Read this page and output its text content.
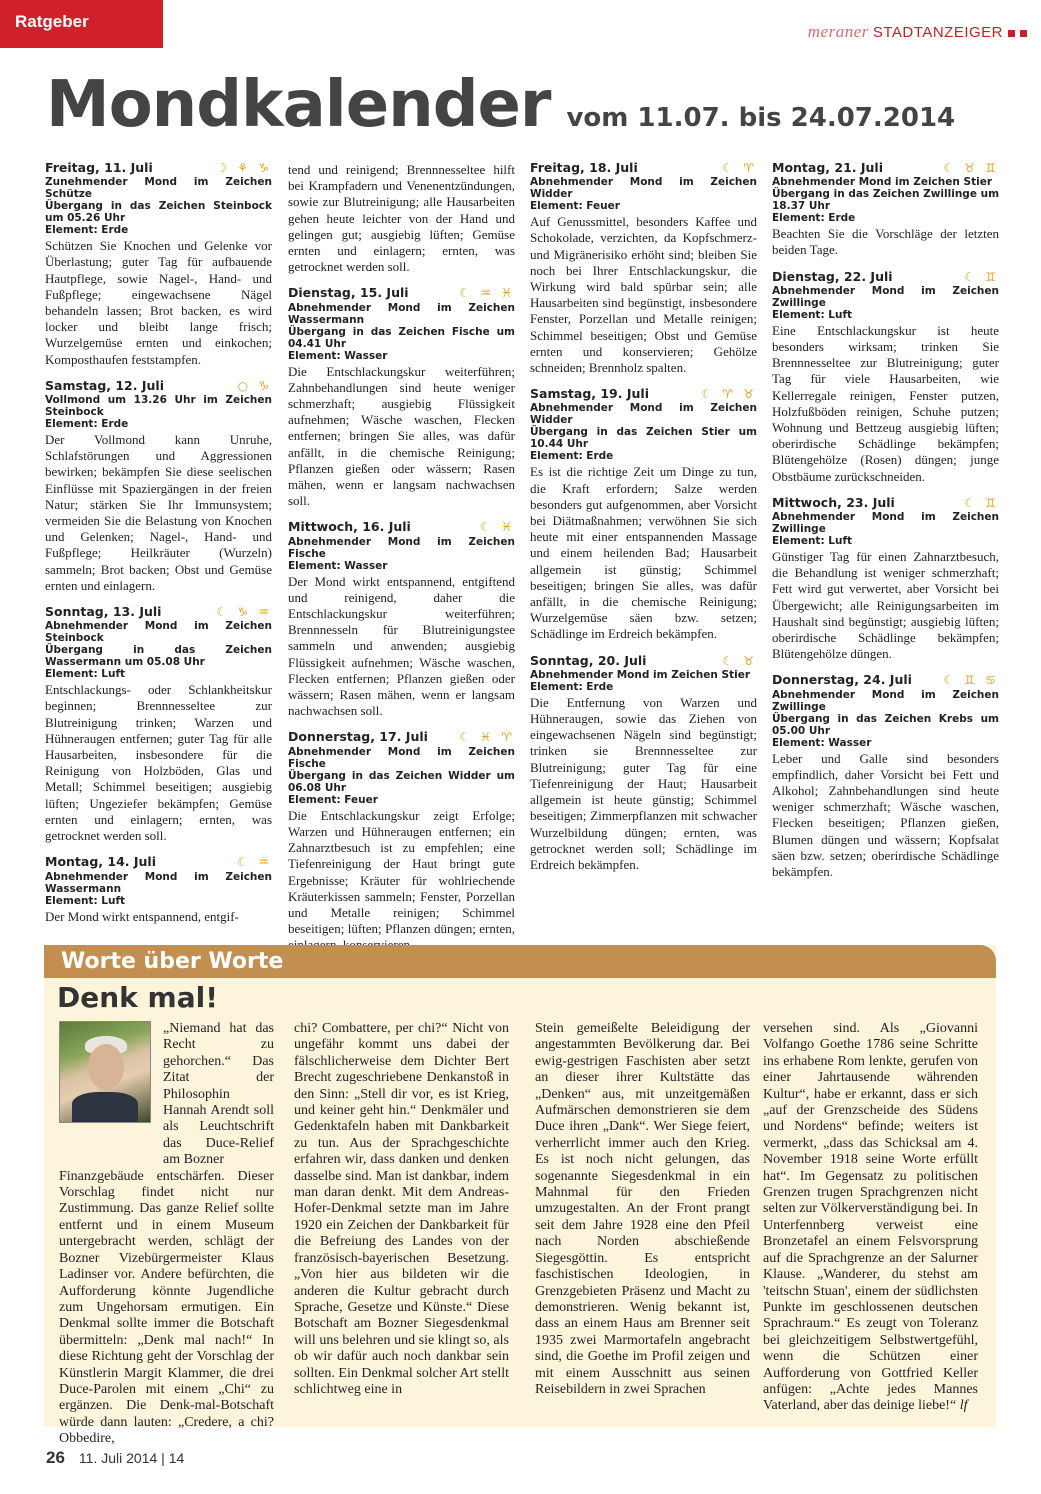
Ratgeber
meraner STADTANZEIGER
Mondkalender vom 11.07. bis 24.07.2014
Freitag, 11. Juli	☽ ⚘ ♑
Zunehmender Mond im Zeichen Schütze
Übergang in das Zeichen Steinbock um 05.26 Uhr
Element: Erde
Schützen Sie Knochen und Gelenke vor Überlastung; guter Tag für aufbauende Hautpflege, sowie Nagel-, Hand- und Fußpflege; eingewachsene Nägel behandeln lassen; Brot backen, es wird locker und bleibt lange frisch; Wurzelgemüse ernten und einkochen; Komposthaufen feststampfen.
Samstag, 12. Juli	○ ♑
Vollmond um 13.26 Uhr im Zeichen Steinbock
Element: Erde
Der Vollmond kann Unruhe, Schlafstörungen und Aggressionen bewirken; bekämpfen Sie diese seelischen Einflüsse mit Spaziergängen in der freien Natur; stärken Sie Ihr Immunsystem; vermeiden Sie die Belastung von Knochen und Gelenken; Nagel-, Hand- und Fußpflege; Heilkräuter (Wurzeln) sammeln; Brot backen; Obst und Gemüse ernten und einlagern.
Sonntag, 13. Juli	☾ ♑ ♒
Abnehmender Mond im Zeichen Steinbock
Übergang in das Zeichen Wassermann um 05.08 Uhr
Element: Luft
Entschlackungs- oder Schlankheitskur beginnen; Brennnesseltee zur Blutreinigung trinken; Warzen und Hühneraugen entfernen; guter Tag für alle Hausarbeiten, insbesondere für die Reinigung von Holzböden, Glas und Metall; Schimmel beseitigen; ausgiebig lüften; Ungeziefer bekämpfen; Gemüse ernten und einlagern; ernten, was getrocknet werden soll.
Montag, 14. Juli	☾ ♒
Abnehmender Mond im Zeichen Wassermann
Element: Luft
Der Mond wirkt entspannend, entgif-
tend und reinigend; Brennnesseltee hilft bei Krampfadern und Venenentzündungen, sowie zur Blutreinigung; alle Hausarbeiten gehen heute leichter von der Hand und gelingen gut; ausgiebig lüften; Gemüse ernten und einlagern; ernten, was getrocknet werden soll.
Dienstag, 15. Juli	☾ ♒ ♓
Abnehmender Mond im Zeichen Wassermann
Übergang in das Zeichen Fische um 04.41 Uhr
Element: Wasser
Die Entschlackungskur weiterführen; Zahnbehandlungen sind heute weniger schmerzhaft; ausgiebig Flüssigkeit aufnehmen; Wäsche waschen, Flecken entfernen; bringen Sie alles, was dafür anfällt, in die chemische Reinigung; Pflanzen gießen oder wässern; Rasen mähen, wenn er langsam nachwachsen soll.
Mittwoch, 16. Juli	☾ ♓
Abnehmender Mond im Zeichen Fische
Element: Wasser
Der Mond wirkt entspannend, entgiftend und reinigend, daher die Entschlackungskur weiterführen; Brennnesseln für Blutreinigungstee sammeln und anwenden; ausgiebig Flüssigkeit aufnehmen; Wäsche waschen, Flecken entfernen; Pflanzen gießen oder wässern; Rasen mähen, wenn er langsam nachwachsen soll.
Donnerstag, 17. Juli	☾ ♓ ♈
Abnehmender Mond im Zeichen Fische
Übergang in das Zeichen Widder um 06.08 Uhr
Element: Feuer
Die Entschlackungskur zeigt Erfolge; Warzen und Hühneraugen entfernen; ein Zahnarztbesuch ist zu empfehlen; eine Tiefenreinigung der Haut bringt gute Ergebnisse; Kräuter für wohlriechende Kräuterkissen sammeln; Fenster, Porzellan und Metalle reinigen; Schimmel beseitigen; lüften; Pflanzen düngen; ernten,
Freitag, 18. Juli	☾ ♈
Abnehmender Mond im Zeichen Widder
Element: Feuer
Auf Genussmittel, besonders Kaffee und Schokolade, verzichten, da Kopfschmerz- und Migränerisiko erhöht sind; bleiben Sie noch bei Ihrer Entschlackungskur, die Wirkung wird bald spürbar sein; alle Hausarbeiten sind begünstigt, insbesondere Fenster, Porzellan und Metalle reinigen; Schimmel beseitigen; Obst und Gemüse ernten und konservieren; Gehölze schneiden; Brennholz spalten.
Samstag, 19. Juli	☾ ♈ ♉
Abnehmender Mond im Zeichen Widder
Übergang in das Zeichen Stier um 10.44 Uhr
Element: Erde
Es ist die richtige Zeit um Dinge zu tun, die Kraft erfordern; Salze werden besonders gut aufgenommen, aber Vorsicht bei Diätmaßnahmen; verwöhnen Sie sich heute mit einer entspannenden Massage und einem heilenden Bad; Hausarbeit allgemein ist günstig; Schimmel beseitigen; bringen Sie alles, was dafür anfällt, in die chemische Reinigung; Wurzelgemüse säen bzw. setzen; Schädlinge im Erdreich bekämpfen.
Sonntag, 20. Juli	☾ ♉
Abnehmender Mond im Zeichen Stier
Element: Erde
Die Entfernung von Warzen und Hühneraugen, sowie das Ziehen von eingewachsenen Nägeln sind begünstigt; trinken sie Brennnesseltee zur Blutreinigung; guter Tag für eine Tiefenreinigung der Haut; Hausarbeit allgemein ist heute günstig; Schimmel beseitigen; Zimmerpflanzen mit schwacher Wurzelbildung düngen; ernten, was getrocknet werden soll; Schädlinge im Erdreich bekämpfen.
Montag, 21. Juli	☾ ♉ ♊
Abnehmender Mond im Zeichen Stier
Übergang in das Zeichen Zwillinge um 18.37 Uhr
Element: Erde
Beachten Sie die Vorschläge der letzten beiden Tage.
Dienstag, 22. Juli	☾ ♊
Abnehmender Mond im Zeichen Zwillinge
Element: Luft
Eine Entschlackungskur ist heute besonders wirksam; trinken Sie Brennnesseltee zur Blutreinigung; guter Tag für viele Hausarbeiten, wie Kellerregale reinigen, Fenster putzen, Holzfußböden reinigen, Schuhe putzen; Wohnung und Bettzeug ausgiebig lüften; oberirdische Schädlinge bekämpfen; Blütengehölze (Rosen) düngen; junge Obstbäume zurückschneiden.
Mittwoch, 23. Juli	☾ ♊
Abnehmender Mond im Zeichen Zwillinge
Element: Luft
Günstiger Tag für einen Zahnarztbesuch, die Behandlung ist weniger schmerzhaft; Fett wird gut verwertet, aber Vorsicht bei Übergewicht; alle Reinigungsarbeiten im Haushalt sind begünstigt; ausgiebig lüften; oberirdische Schädlinge bekämpfen; Blütengehölze düngen.
Donnerstag, 24. Juli	☾ ♊ ♋
Abnehmender Mond im Zeichen Zwillinge
Übergang in das Zeichen Krebs um 05.00 Uhr
Element: Wasser
Leber und Galle sind besonders empfindlich, daher Vorsicht bei Fett und Alkohol; Zahnbehandlungen sind heute weniger schmerzhaft; Wäsche waschen, Flecken beseitigen; Pflanzen gießen, Blumen düngen und wässern; Kopfsalat säen bzw. setzen; oberirdische Schädlinge bekämpfen.
Worte über Worte
Denk mal!
„Niemand hat das Recht zu gehorchen.“ Das Zitat der Philosophin Hannah Arendt soll als Leuchtschrift das Duce-Relief am Bozner
Finanzgebäude entschärfen. Dieser Vorschlag findet nicht nur Zustimmung. Das ganze Relief sollte entfernt und in einem Museum untergebracht werden, schlägt der Bozner Vizebürgermeister Klaus Ladinser vor. Andere befürchten, die Aufforderung könnte Jugendliche zum Ungehorsam ermutigen. Ein Denkmal sollte immer die Botschaft übermitteln: „Denk mal nach!“ In diese Richtung geht der Vorschlag der Künstlerin Margit Klammer, die drei Duce-Parolen mit einem „Chi“ zu ergänzen. Die Denk-mal-Botschaft würde dann lauten: „Credere, a chi? Obbedire,
chi? Combattere, per chi?“ Nicht von ungefähr kommt uns dabei der fälschlicherweise dem Dichter Bert Brecht zugeschriebene Denkanstoß in den Sinn: „Stell dir vor, es ist Krieg, und keiner geht hin.“ Denkmäler und Gedenktafeln haben mit Dankbarkeit zu tun. Aus der Sprachgeschichte erfahren wir, dass danken und denken dasselbe sind. Man ist dankbar, indem man daran denkt. Mit dem Andreas-Hofer-Denkmal setzte man im Jahre 1920 ein Zeichen der Dankbarkeit für die Befreiung des Landes von der französisch-bayerischen Besetzung. „Von hier aus bildeten wir die anderen die Kultur gebracht durch Sprache, Gesetze und Künste.“ Diese Botschaft am Bozner Siegesdenkmal will uns belehren und sie klingt so, als ob wir dafür auch noch dankbar sein sollten. Ein Denkmal solcher Art stellt schlichtweg eine in
Stein gemeißelte Beleidigung der angestammten Bevölkerung dar. Bei ewig-gestrigen Faschisten aber setzt an dieser ihrer Kultstätte das „Denken“ aus, mit unzeitgemäßen Aufmärschen demonstrieren sie dem Duce ihren „Dank“. Wer Siege feiert, verherrlicht immer auch den Krieg. Es ist noch nicht gelungen, das sogenannte Siegesdenkmal in ein Mahnmal für den Frieden umzugestalten. An der Front prangt seit dem Jahre 1928 eine den Pfeil nach Norden abschießende Siegesgöttin. Es entspricht faschistischen Ideologien, in Grenzgebieten Präsenz und Macht zu demonstrieren. Wenig bekannt ist, dass an einem Haus am Brenner seit 1935 zwei Marmortafeln angebracht sind, die Goethe im Profil zeigen und mit einem Ausschnitt aus seinen Reisebildern in zwei Sprachen
versehen sind. Als „Giovanni Volfango Goethe 1786 seine Schritte ins erhabene Rom lenkte, gerufen von einer Jahrtausende währenden Kultur“, habe er erkannt, dass er sich „auf der Grenzscheide des Südens und Nordens“ befinde; weiters ist vermerkt, „dass das Schicksal am 4. November 1918 seine Worte erfüllt hat“. Im Gegensatz zu politischen Grenzen trugen Sprachgrenzen nicht selten zur Völkerverständigung bei. In Unterfennberg verweist eine Bronzetafel an einem Felsvorsprung auf die Sprachgrenze an der Salurner Klause. „Wanderer, du stehst am 'teitschn Stuan', einem der südlichsten Punkte im geschlossenen deutschen Sprachraum.“ Es zeugt von Toleranz bei gleichzeitigem Selbstwertgefühl, wenn die Schützen einer Aufforderung von Gottfried Keller anfügen: „Achte jedes Mannes Vaterland, aber das deinige liebe!“ lf
26 11. Juli 2014 | 14
